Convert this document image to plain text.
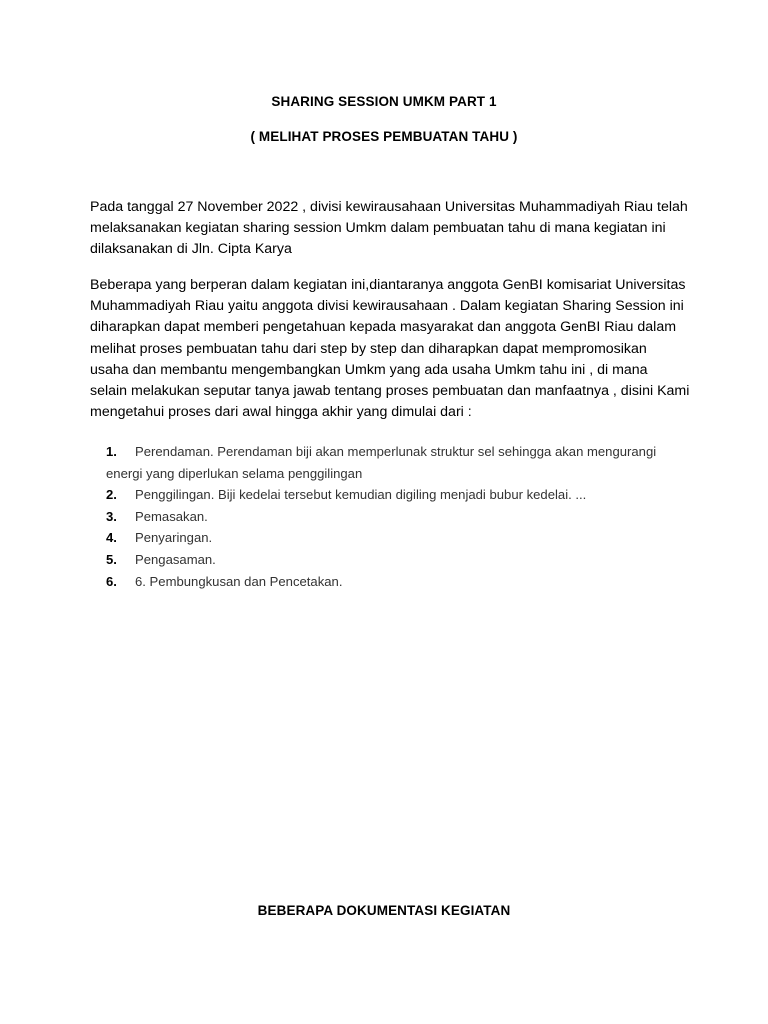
SHARING SESSION UMKM PART 1
( MELIHAT PROSES PEMBUATAN TAHU )

Pada tanggal 27 November 2022 , divisi kewirausahaan Universitas Muhammadiyah Riau telah
melaksanakan kegiatan sharing session Umkm dalam pembuatan tahu di mana kegiatan ini
dilaksanakan di Jln. Cipta Karya

Beberapa yang berperan dalam kegiatan ini,diantaranya anggota GenBI komisariat Universitas
Muhammadiyah Riau yaitu anggota divisi kewirausahaan . Dalam kegiatan Sharing Session ini
diharapkan dapat memberi pengetahuan kepada masyarakat dan anggota GenBI Riau dalam
melihat proses pembuatan tahu dari step by step dan diharapkan dapat mempromosikan
usaha dan membantu mengembangkan Umkm yang ada usaha Umkm tahu ini , di mana
selain melakukan seputar tanya jawab tentang proses pembuatan dan manfaatnya , disini Kami
mengetahui proses dari awal hingga akhir yang dimulai dari :

1. Perendaman. Perendaman biji akan memperlunak struktur sel sehingga akan mengurangi
energi yang diperlukan selama penggilingan
2. Penggilingan. Biji kedelai tersebut kemudian digiling menjadi bubur kedelai. ...
3. Pemasakan.
4. Penyaringan.
5. Pengasaman.
6. 6. Pembungkusan dan Pencetakan.
BEBERAPA DOKUMENTASI KEGIATAN
